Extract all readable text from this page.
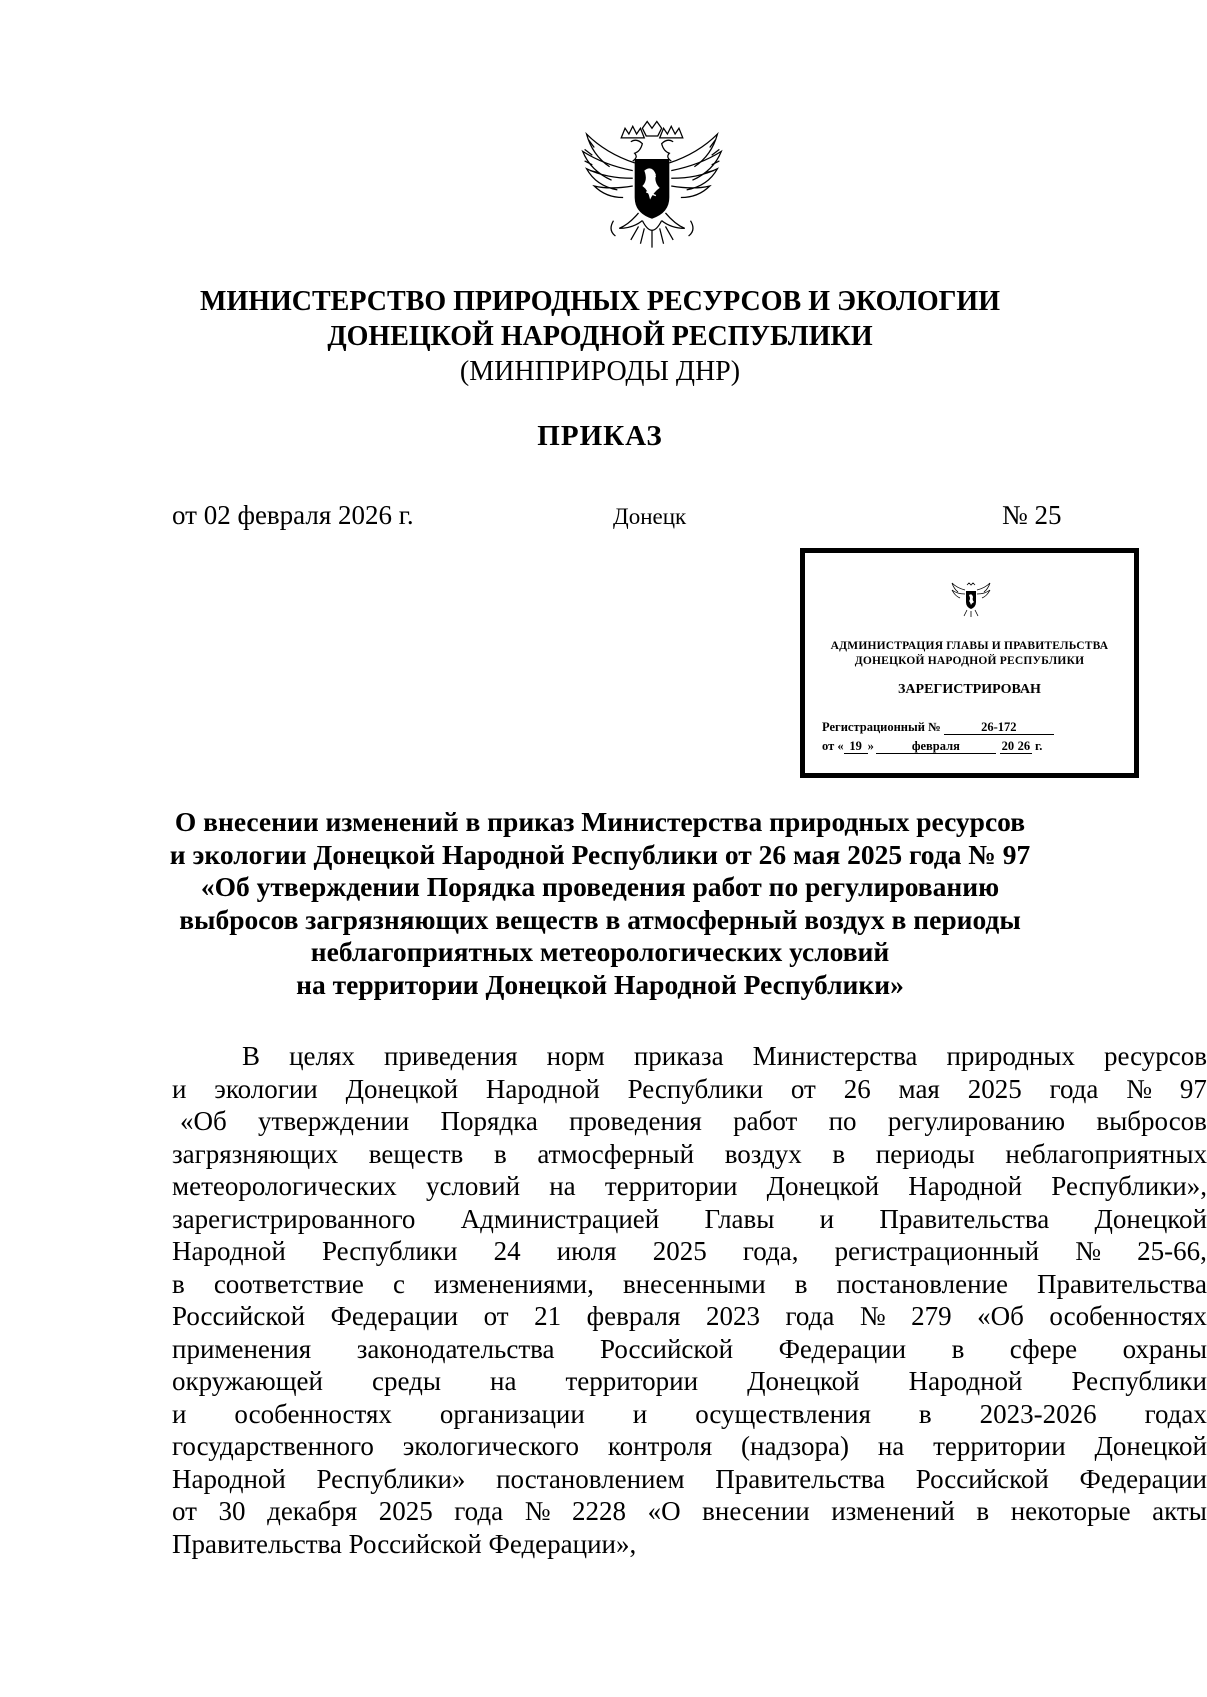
МИНИСТЕРСТВО ПРИРОДНЫХ РЕСУРСОВ И ЭКОЛОГИИ
ДОНЕЦКОЙ НАРОДНОЙ РЕСПУБЛИКИ
(МИНПРИРОДЫ ДНР)
ПРИКАЗ
от 02 февраля 2026 г.	Донецк	№ 25
АДМИНИСТРАЦИЯ ГЛАВЫ И ПРАВИТЕЛЬСТВА
ДОНЕЦКОЙ НАРОДНОЙ РЕСПУБЛИКИ
ЗАРЕГИСТРИРОВАН
Регистрационный №	26-172
от « 19 »	февраля	20 26 г.
О внесении изменений в приказ Министерства природных ресурсов
и экологии Донецкой Народной Республики от 26 мая 2025 года № 97
«Об утверждении Порядка проведения работ по регулированию
выбросов загрязняющих веществ в атмосферный воздух в периоды
неблагоприятных метеорологических условий
на территории Донецкой Народной Республики»
В целях приведения норм приказа Министерства природных ресурсов
и экологии Донецкой Народной Республики от 26 мая 2025 года № 97
«Об утверждении Порядка проведения работ по регулированию выбросов
загрязняющих веществ в атмосферный воздух в периоды неблагоприятных
метеорологических условий на территории Донецкой Народной Республики»,
зарегистрированного Администрацией Главы и Правительства Донецкой
Народной Республики 24 июля 2025 года, регистрационный № 25-66,
в соответствие с изменениями, внесенными в постановление Правительства
Российской Федерации от 21 февраля 2023 года № 279 «Об особенностях
применения законодательства Российской Федерации в сфере охраны
окружающей среды на территории Донецкой Народной Республики
и особенностях организации и осуществления в 2023-2026 годах
государственного экологического контроля (надзора) на территории Донецкой
Народной Республики» постановлением Правительства Российской Федерации
от 30 декабря 2025 года № 2228 «О внесении изменений в некоторые акты
Правительства Российской Федерации»,
